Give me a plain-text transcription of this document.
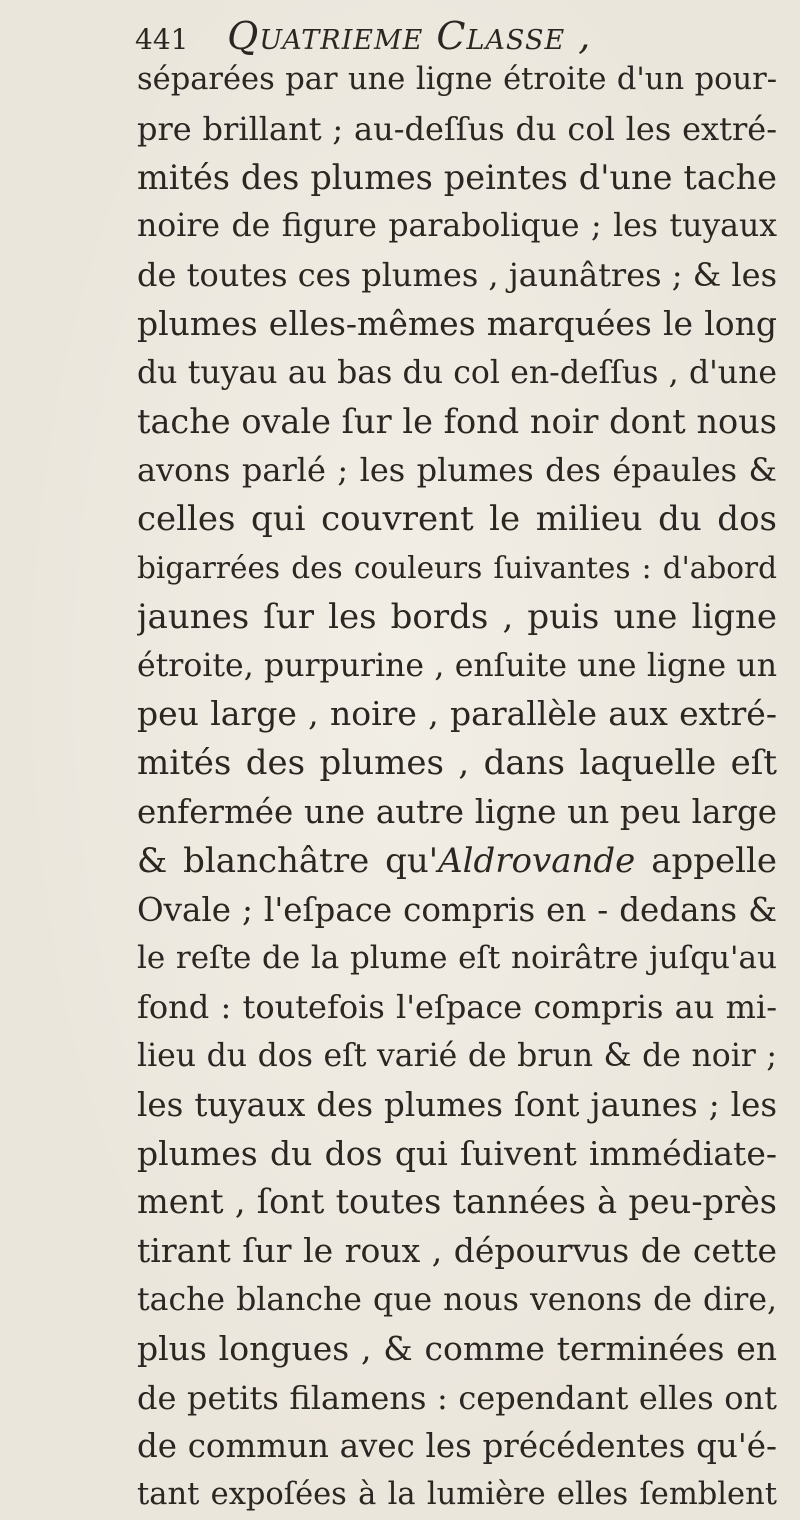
441 Quatrieme Classe ,
séparées par une ligne étroite d'un pour-
pre brillant ; au-deſſus du col les extré-
mités des plumes peintes d'une tache
noire de figure parabolique ; les tuyaux
de toutes ces plumes , jaunâtres ; & les
plumes elles-mêmes marquées le long
du tuyau au bas du col en-deſſus , d'une
tache ovale ſur le fond noir dont nous
avons parlé ; les plumes des épaules &
celles qui couvrent le milieu du dos
bigarrées des couleurs ſuivantes : d'abord
jaunes ſur les bords , puis une ligne
étroite, purpurine , enſuite une ligne un
peu large , noire , parallèle aux extré-
mités des plumes , dans laquelle eſt
enfermée une autre ligne un peu large
& blanchâtre qu'Aldrovande appelle
Ovale ; l'eſpace compris en - dedans &
le reſte de la plume eſt noirâtre juſqu'au
fond : toutefois l'eſpace compris au mi-
lieu du dos eſt varié de brun & de noir ;
les tuyaux des plumes ſont jaunes ; les
plumes du dos qui ſuivent immédiate-
ment , ſont toutes tannées à peu-près
tirant ſur le roux , dépourvus de cette
tache blanche que nous venons de dire,
plus longues , & comme terminées en
de petits filamens : cependant elles ont
de commun avec les précédentes qu'é-
tant expoſées à la lumière elles ſemblent
